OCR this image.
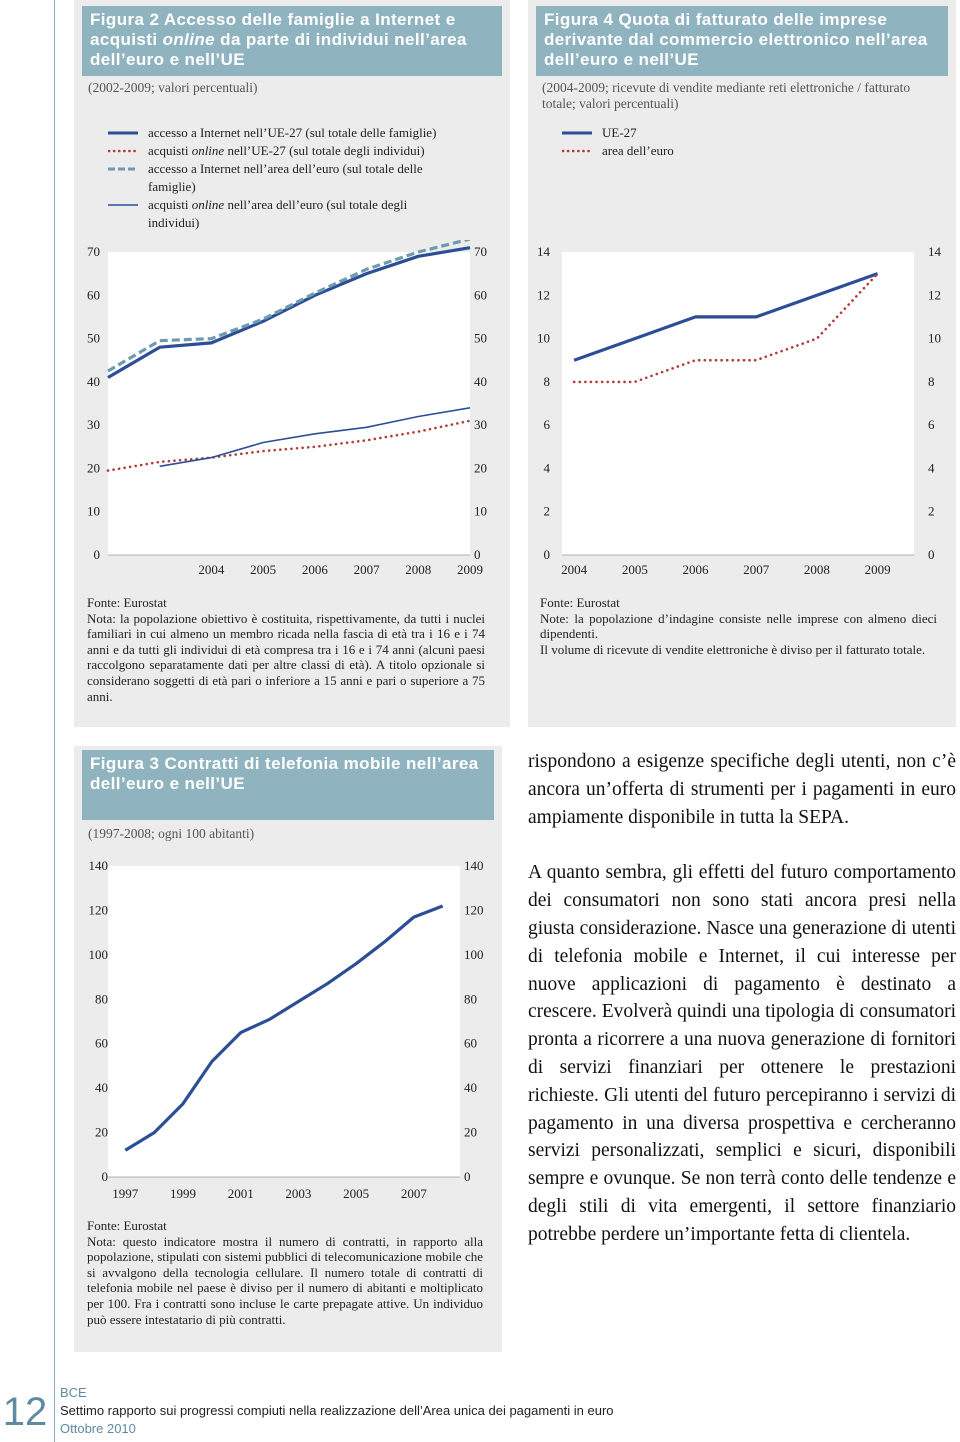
Figura 2 Accesso delle famiglie a Internet e acquisti online da parte di individui nell’area dell’euro e nell’UE
(2002-2009; valori percentuali)
accesso a Internet nell’UE-27 (sul totale delle famiglie)
acquisti online nell’UE-27 (sul totale degli individui)
accesso a Internet nell’area dell’euro (sul totale delle famiglie)
acquisti online nell’area dell’euro (sul totale degli individui)

Fonte: Eurostat

Nota: la popolazione obiettivo è costituita, rispettivamente, da tutti i nuclei familiari in cui almeno un membro ricada nella fascia di età tra i 16 e i 74 anni e da tutti gli individui di età compresa tra i 16 e i 74 anni (alcuni paesi raccolgono separatamente dati per altre classi di età). A titolo opzionale si considerano soggetti di età pari o inferiore a 15 anni e pari o superiore a 75 anni.

0	0
10	10
20	20
30	30
40	40
50	50
60	60
70	70
2004 2005 2006 2007 2008 2009
Figura 4 Quota di fatturato delle imprese derivante dal commercio elettronico nell’area dell’euro e nell’UE
(2004-2009; ricevute di vendite mediante reti elettroniche / fatturato totale; valori percentuali)
UE-27
area dell’euro

Fonte: Eurostat

Note: la popolazione d’indagine consiste nelle imprese con almeno dieci dipendenti.

Il volume di ricevute di vendite elettroniche è diviso per il fatturato totale.

0	0
2	2
4	4
6	6
8	8
10	10
12	12
14	14
2004	2005	2006	2007	2008	2009
Figura 3 Contratti di telefonia mobile nell’area dell’euro e nell’UE
(1997-2008; ogni 100 abitanti)

Fonte: Eurostat

Nota: questo indicatore mostra il numero di contratti, in rapporto alla popolazione, stipulati con sistemi pubblici di telecomunicazione mobile che si avvalgono della tecnologia cellulare. Il numero totale di contratti di telefonia mobile nel paese è diviso per il numero di abitanti e moltiplicato per 100. Fra i contratti sono incluse le carte prepagate attive. Un individuo può essere intestatario di più contratti.

0	0
20	20
40	40
60	60
80	80
100	100
120	120
140	140
1997 1999 2001 2003 2005 2007

rispondono a esigenze specifiche degli utenti, non c’è ancora un’offerta di strumenti per i pagamenti in euro ampiamente disponibile in tutta la SEPA.

A quanto sembra, gli effetti del futuro comportamento dei consumatori non sono stati ancora presi nella giusta considerazione. Nasce una generazione di utenti di telefonia mobile e Internet, il cui interesse per nuove applicazioni di pagamento è destinato a crescere. Evolverà quindi una tipologia di consumatori pronta a ricorrere a una nuova generazione di fornitori di servizi finanziari per ottenere le prestazioni richieste. Gli utenti del futuro percepiranno i servizi di pagamento in una diversa prospettiva e cercheranno servizi personalizzati, semplici e sicuri, disponibili sempre e ovunque. Se non terrà conto delle tendenze e degli stili di vita emergenti, il settore finanziario potrebbe perdere un’importante fetta di clientela.

12 BCE
Settimo rapporto sui progressi compiuti nella realizzazione dell’Area unica dei pagamenti in euro
Ottobre 2010
